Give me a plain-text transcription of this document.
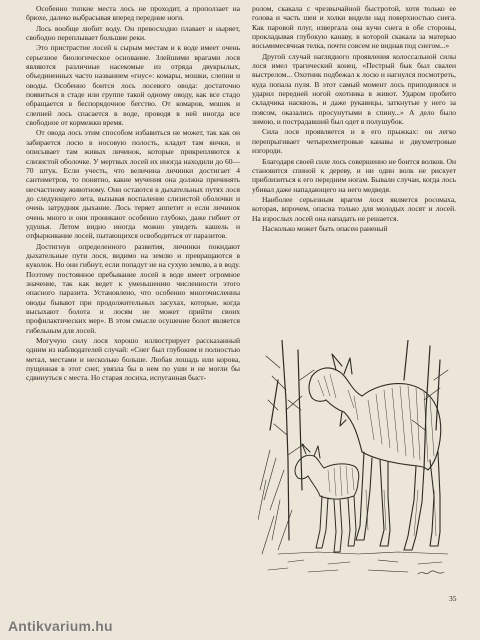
Особенно топкие места лось не проходит, а проползает на брюхе, далеко выбрасывая вперед передние ноги.

Лось вообще любит воду. Он превосходно плавает и ныряет, свободно переплывает большие реки.

Это пристрастие лосей к сырым местам и к воде имеет очень серьезное биологическое основание. Злейшими врагами лося являются различные насекомые из отряда двукрылых, объединенных часто названием «гнус»: комары, мошки, слепни и оводы. Особенно боится лось лосевого овода: достаточно появиться в стаде или группе такой одному оводу, как все стадо обращается в беспорядочное бегство. От комаров, мошек и слепней лось спасается в воде, проводя в ней иногда все свободное от кормежки время.

От овода лось этим способом избавиться не может, так как он забирается лосю в носовую полость, кладет там яички, и описывает там живых личинок, которые прикрепляются к слизистой оболочке. У мертвых лосей их иногда находили до 60—70 штук. Если учесть, что величина личинки достигает 4 сантиметров, то понятно, какие мучения она должна причинять несчастному животному. Они остаются в дыхательных путях лося до следующего лета, вызывая воспаление слизистой оболочки и очень затрудняя дыхание. Лось теряет аппетит и если личинок очень много и они проникают особенно глубоко, даже гибнет от удушья. Летом видно иногда можно увидеть кашель и отфыркивание лосей, пытающихся освободиться от паразитов.

Достигнув определенного развития, личинки покидают дыхательные пути лося, видимо на землю и превращаются в куколок. Но они гибнут, если попадут не на сухую землю, а в воду. Поэтому постоянное пребывание лосей в воде имеет огромное значение, так как ведет к уменьшению численности этого опасного паразита. Установлено, что особенно многочисленны оводы бывают при продолжительных засухах, которые, когда высыхают болота и лосям не может прийти своих профилактических мер». В этом смысле осушение болот является гибельным для лосей.

Могучую силу лося хорошо иллюстрирует рассказанный одним из наблюдателей случай: «Снег был глубоким и полностью метал, местами и несколько больше. Любая лошадь или корова, пущенная в этот снег, увязла бы в нем по уши и не могли бы сдвинуться с места. Но старая лосиха, испуганная быст-

ролом, скакала с чрезвычайной быстротой, хотя только ее голова и часть шеи и холки видели над поверхностью снега. Как паровой плуг, извергала она кучи снега в обе стороны, прокладывая глубокую канаву, в которой скакала за матерью восьмимесячная телка, почти совсем не видная под снегом...»

Другой случай наглядного проявления колоссальной силы лося имел трагический конец. «Пестрый бык был свален выстрелом... Охотник подбежал к лосю и нагнулся посмотреть, куда попала пуля. В этот самый момент лось приподнялся и ударил передней ногой охотника в живот. Ударом пробито складчика насквозь, и даже рукавицы, заткнутые у него за поясом, оказались просунутыми в спину...» А дело было зимою, и пострадавший был одет в полушубок.

Сила лося проявляется и в его прыжках: он легко перепрыгивает четырехметровые канавы и двухметровые изгороди.

Благодаря своей силе лось совершенно не боится волков. Он становится спиной к дереву, и ни один волк не рискует приблизиться к его передним ногам. Бывали случаи, когда лось убивал даже нападающего на него медведя.

Наиболее серьезным врагом лося является росомаха, которая, впрочем, опасна только для молодых лосят и лосей. На взрослых лосей она нападать не решается.

Насколько может быть опасен раненый

35
Antikvarium.hu
